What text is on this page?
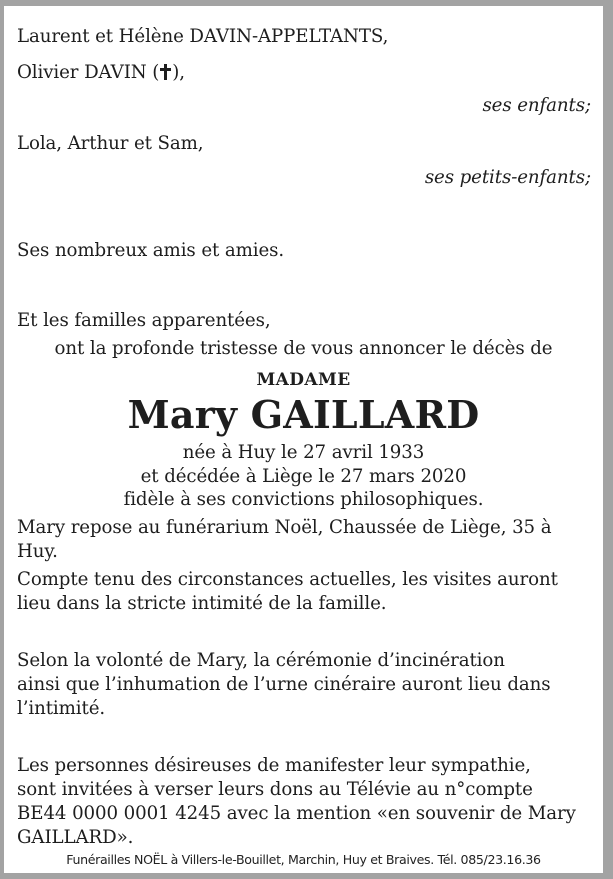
Laurent et Hélène DAVIN-APPELTANTS,
Olivier DAVIN ( ),
ses enfants;
Lola, Arthur et Sam,
ses petits-enfants;
Ses nombreux amis et amies.
Et les familles apparentées,
ont la profonde tristesse de vous annoncer le décès de
MADAME
Mary GAILLARD
née à Huy le 27 avril 1933
et décédée à Liège le 27 mars 2020
fidèle à ses convictions philosophiques.
Mary repose au funérarium Noël, Chaussée de Liège, 35 à
Huy.
Compte tenu des circonstances actuelles, les visites auront
lieu dans la stricte intimité de la famille.
Selon la volonté de Mary, la cérémonie d’incinération
ainsi que l’inhumation de l’urne cinéraire auront lieu dans
l’intimité.
Les personnes désireuses de manifester leur sympathie,
sont invitées à verser leurs dons au Télévie au n°compte
BE44 0000 0001 4245 avec la mention «en souvenir de Mary
GAILLARD».
Funérailles NOËL à Villers-le-Bouillet, Marchin, Huy et Braives. Tél. 085/23.16.36
